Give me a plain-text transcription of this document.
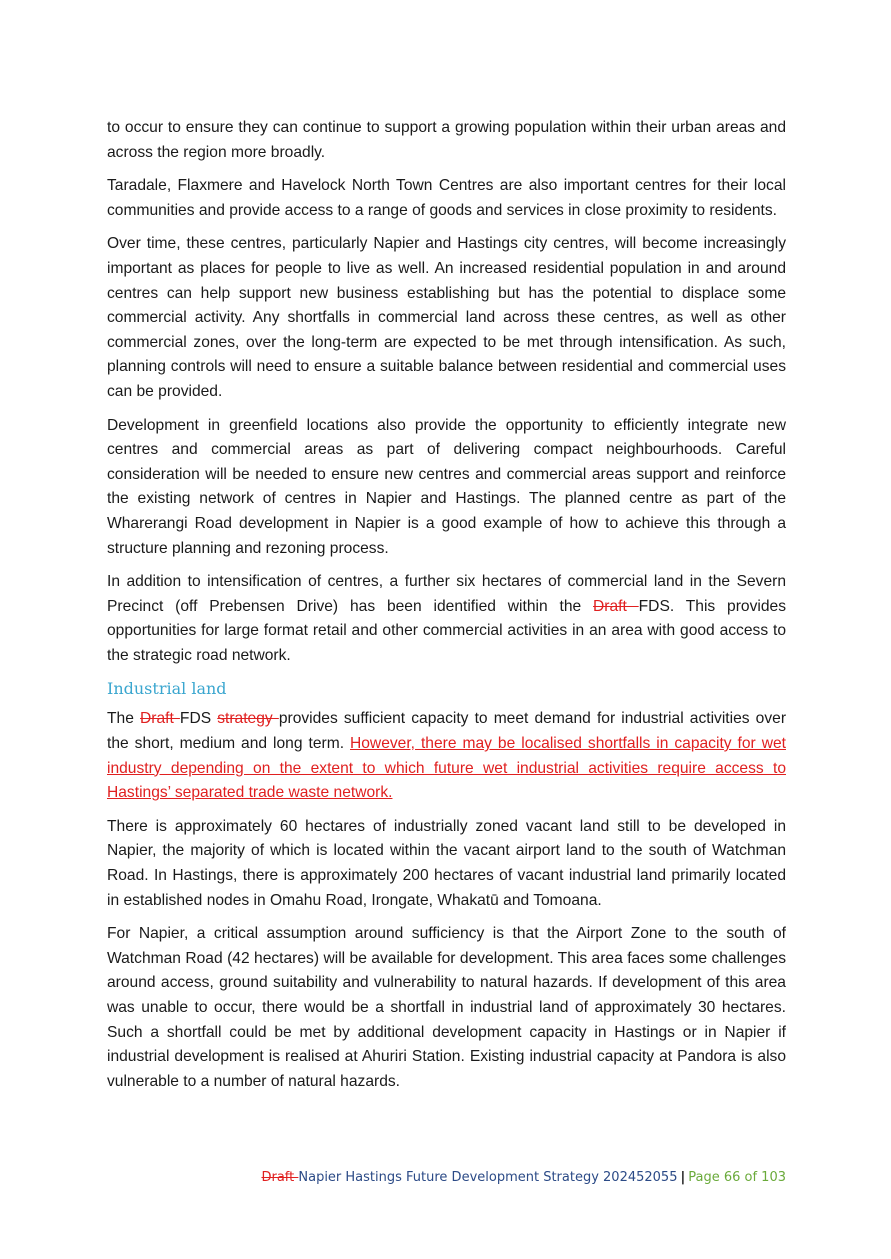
to occur to ensure they can continue to support a growing population within their urban areas and across the region more broadly.

Taradale, Flaxmere and Havelock North Town Centres are also important centres for their local communities and provide access to a range of goods and services in close proximity to residents.

Over time, these centres, particularly Napier and Hastings city centres, will become increasingly important as places for people to live as well. An increased residential population in and around centres can help support new business establishing but has the potential to displace some commercial activity. Any shortfalls in commercial land across these centres, as well as other commercial zones, over the long-term are expected to be met through intensification. As such, planning controls will need to ensure a suitable balance between residential and commercial uses can be provided.

Development in greenfield locations also provide the opportunity to efficiently integrate new centres and commercial areas as part of delivering compact neighbourhoods. Careful consideration will be needed to ensure new centres and commercial areas support and reinforce the existing network of centres in Napier and Hastings. The planned centre as part of the Wharerangi Road development in Napier is a good example of how to achieve this through a structure planning and rezoning process.

In addition to intensification of centres, a further six hectares of commercial land in the Severn Precinct (off Prebensen Drive) has been identified within the Draft FDS. This provides opportunities for large format retail and other commercial activities in an area with good access to the strategic road network.

Industrial land

The Draft FDS strategy provides sufficient capacity to meet demand for industrial activities over the short, medium and long term. However, there may be localised shortfalls in capacity for wet industry depending on the extent to which future wet industrial activities require access to Hastings’ separated trade waste network.

There is approximately 60 hectares of industrially zoned vacant land still to be developed in Napier, the majority of which is located within the vacant airport land to the south of Watchman Road. In Hastings, there is approximately 200 hectares of vacant industrial land primarily located in established nodes in Omahu Road, Irongate, Whakatū and Tomoana.

For Napier, a critical assumption around sufficiency is that the Airport Zone to the south of Watchman Road (42 hectares) will be available for development. This area faces some challenges around access, ground suitability and vulnerability to natural hazards. If development of this area was unable to occur, there would be a shortfall in industrial land of approximately 30 hectares. Such a shortfall could be met by additional development capacity in Hastings or in Napier if industrial development is realised at Ahuriri Station. Existing industrial capacity at Pandora is also vulnerable to a number of natural hazards.

Draft Napier Hastings Future Development Strategy 202452055 | Page 66 of 103
